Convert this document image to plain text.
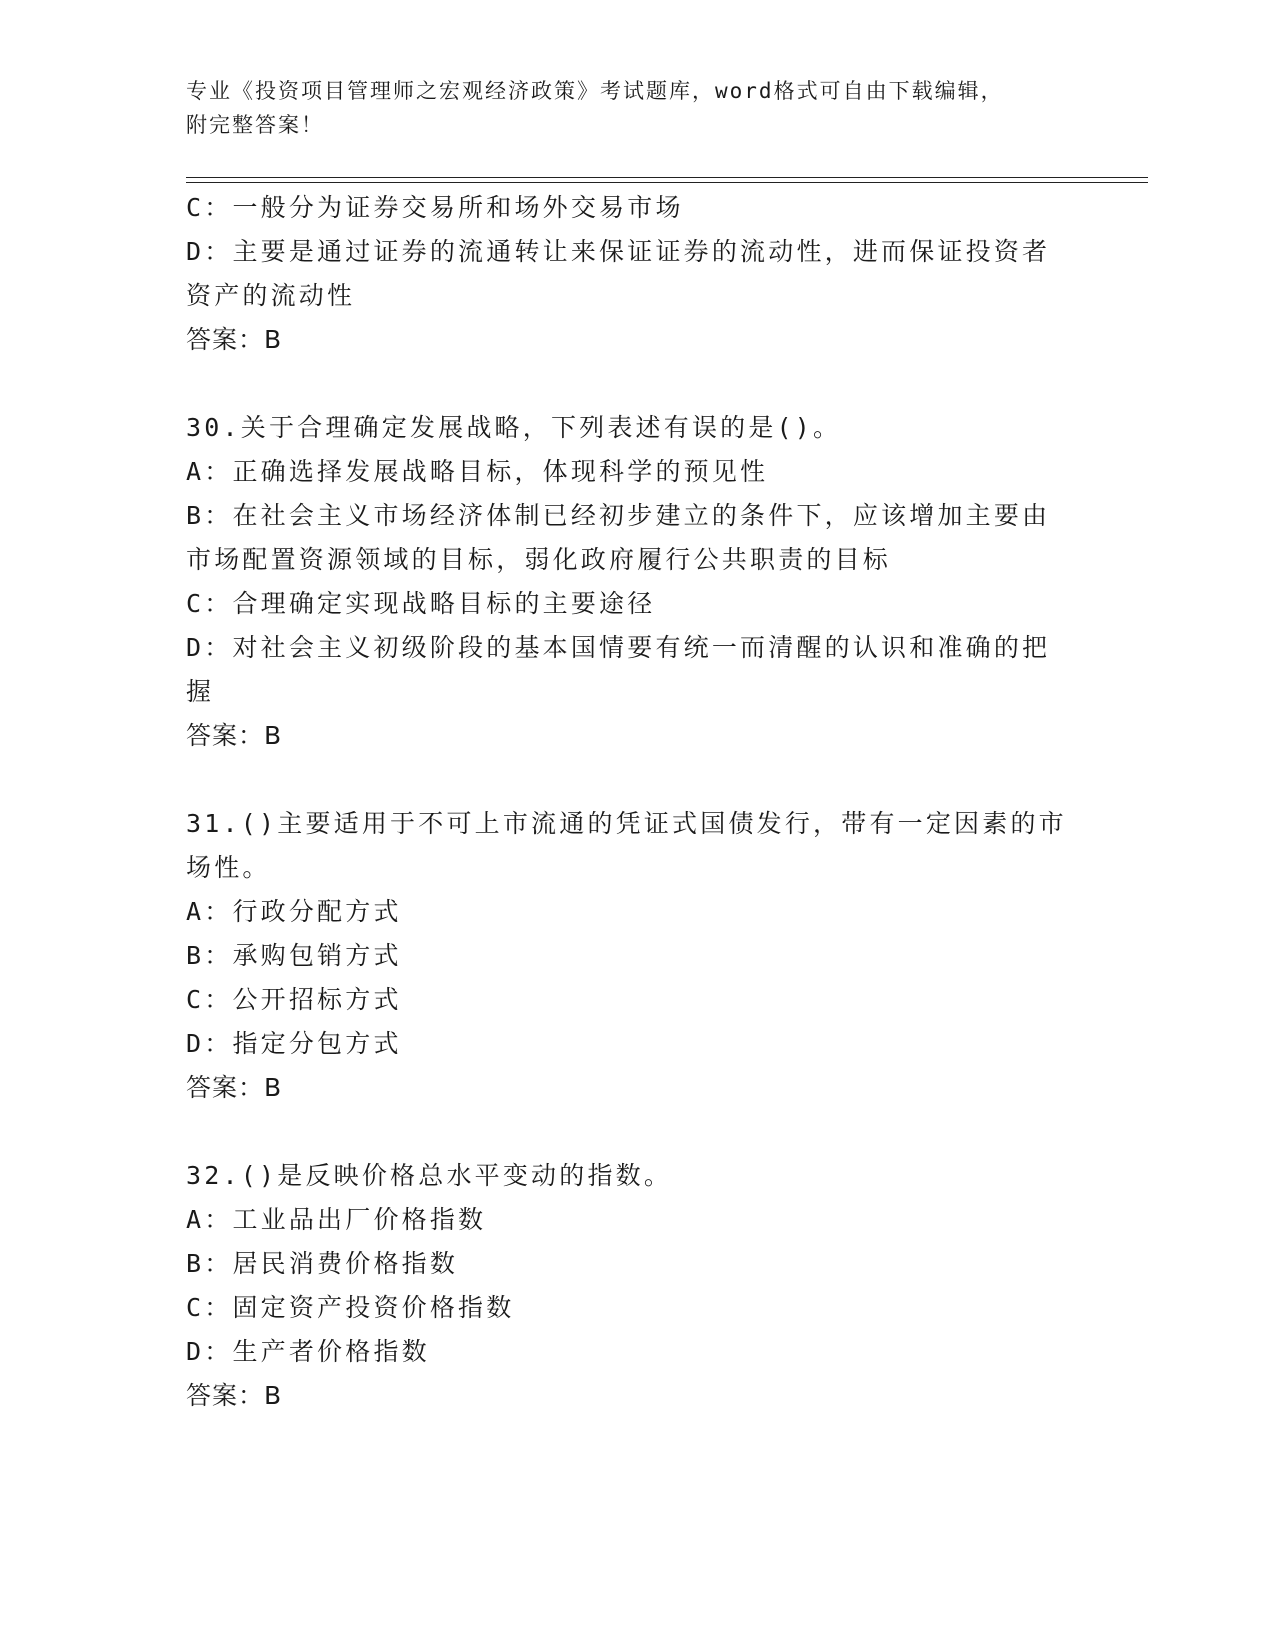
专业《投资项目管理师之宏观经济政策》考试题库，word格式可自由下载编辑，
附完整答案！
C：一般分为证券交易所和场外交易市场
D：主要是通过证券的流通转让来保证证券的流动性，进而保证投资者
资产的流动性
答案：B
30.关于合理确定发展战略，下列表述有误的是()。
A：正确选择发展战略目标，体现科学的预见性
B：在社会主义市场经济体制已经初步建立的条件下，应该增加主要由
市场配置资源领域的目标，弱化政府履行公共职责的目标
C：合理确定实现战略目标的主要途径
D：对社会主义初级阶段的基本国情要有统一而清醒的认识和准确的把
握
答案：B
31.()主要适用于不可上市流通的凭证式国债发行，带有一定因素的市
场性。
A：行政分配方式
B：承购包销方式
C：公开招标方式
D：指定分包方式
答案：B
32.()是反映价格总水平变动的指数。
A：工业品出厂价格指数
B：居民消费价格指数
C：固定资产投资价格指数
D：生产者价格指数
答案：B
